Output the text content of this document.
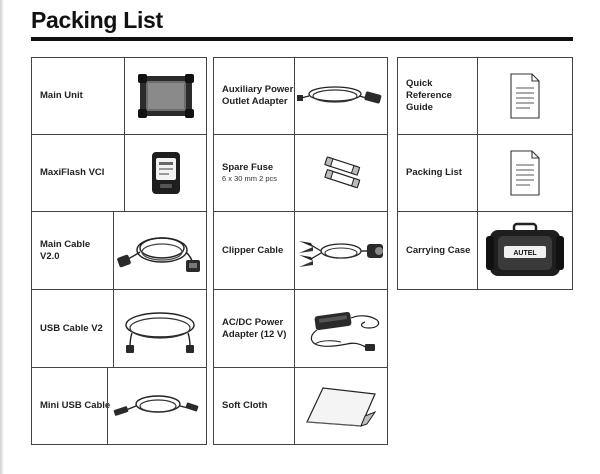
Packing List
Main Unit
MaxiFlash VCI
Main Cable V2.0
USB Cable V2
Mini USB Cable
Auxiliary Power Outlet Adapter
Spare Fuse
6 x 30 mm 2 pcs
Clipper Cable
AC/DC Power Adapter (12 V)
Soft Cloth
Quick Reference Guide
Packing List
Carrying Case	AUTEL
